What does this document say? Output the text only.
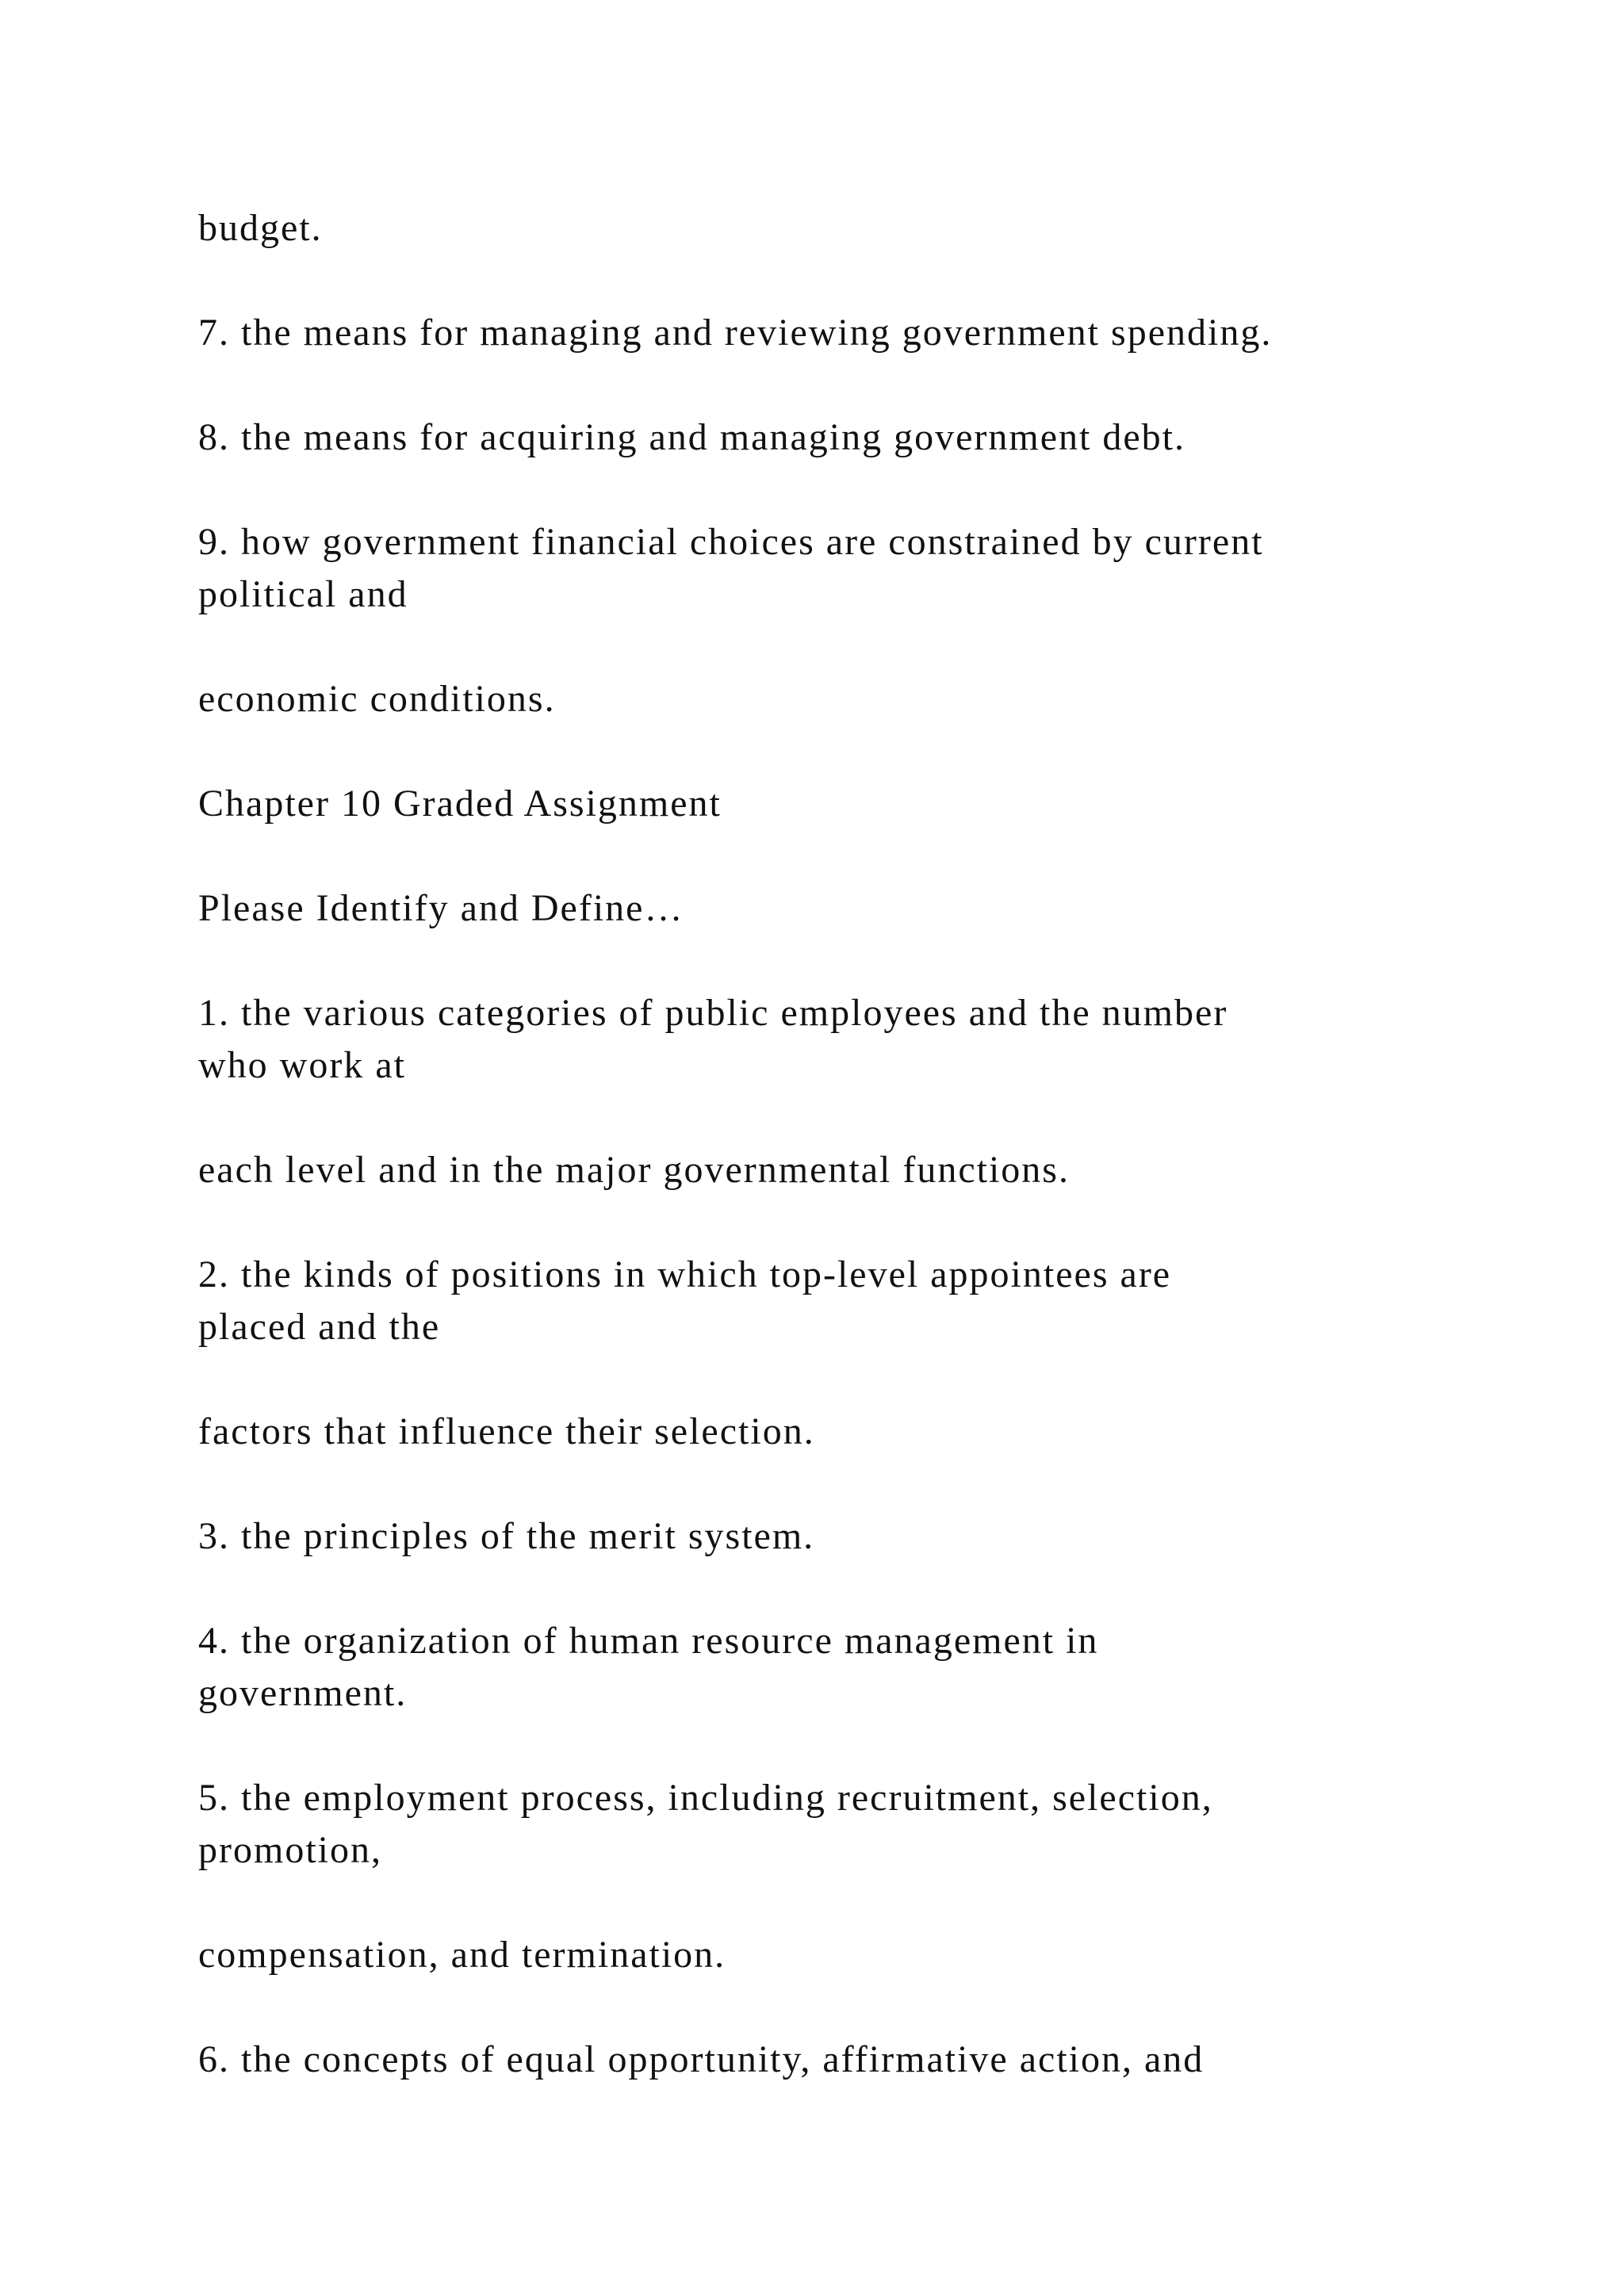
budget.

7. the means for managing and reviewing government spending.

8. the means for acquiring and managing government debt.

9. how government financial choices are constrained by current
political and

economic conditions.

Chapter 10 Graded Assignment

Please Identify and Define…

1. the various categories of public employees and the number
who work at

each level and in the major governmental functions.

2. the kinds of positions in which top-level appointees are
placed and the

factors that influence their selection.

3. the principles of the merit system.

4. the organization of human resource management in
government.

5. the employment process, including recruitment, selection,
promotion,

compensation, and termination.

6. the concepts of equal opportunity, affirmative action, and
